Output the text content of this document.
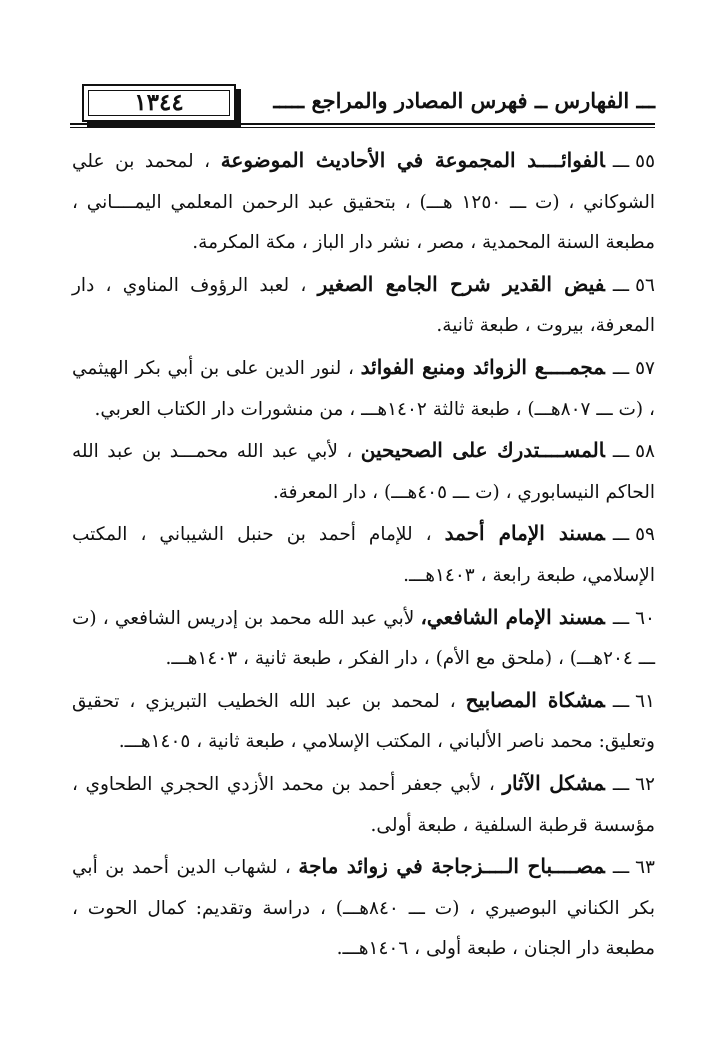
١٣٤٤	ـــ الفهارس ــ فهرس المصادر والمراجع ـــــ
٥٥ـــالفوائــــد المجموعة في الأحاديث الموضوعة ، لمحمد بن علي الشوكاني ، (ت ـــ ١٢٥٠ هـــ) ، بتحقيق عبد الرحمن المعلمي اليمــــاني ، مطبعة السنة المحمدية ، مصر ، نشر دار الباز ، مكة المكرمة.
٥٦ـــفيض القدير شرح الجامع الصغير ، لعبد الرؤوف المناوي ، دار المعرفة، بيروت ، طبعة ثانية.
٥٧ـــمجمــــع الزوائد ومنبع الفوائد ، لنور الدين على بن أبي بكر الهيثمي ، (ت ـــ ٨٠٧هـــ) ، طبعة ثالثة ١٤٠٢هـــ ، من منشورات دار الكتاب العربي.
٥٨ـــالمســــتدرك على الصحيحين ، لأبي عبد الله محمـــد بن عبد الله الحاكم النيسابوري ، (ت ـــ ٤٠٥هـــ) ، دار المعرفة.
٥٩ـــمسند الإمام أحمد ، للإمام أحمد بن حنبل الشيباني ، المكتب الإسلامي، طبعة رابعة ، ١٤٠٣هـــ.
٦٠ـــمسند الإمام الشافعي، لأبي عبد الله محمد بن إدريس الشافعي ، (ت ـــ ٢٠٤هـــ) ، (ملحق مع الأم) ، دار الفكر ، طبعة ثانية ، ١٤٠٣هـــ.
٦١ـــمشكاة المصابيح ، لمحمد بن عبد الله الخطيب التبريزي ، تحقيق وتعليق: محمد ناصر الألباني ، المكتب الإسلامي ، طبعة ثانية ، ١٤٠٥هـــ.
٦٢ـــمشكل الآثار ، لأبي جعفر أحمد بن محمد الأزدي الحجري الطحاوي ، مؤسسة قرطبة السلفية ، طبعة أولى.
٦٣ـــمصــــباح الــــزجاجة في زوائد ماجة ، لشهاب الدين أحمد بن أبي بكر الكناني البوصيري ، (ت ـــ ٨٤٠هـــ) ، دراسة وتقديم: كمال الحوت ، مطبعة دار الجنان ، طبعة أولى ، ١٤٠٦هـــ.
